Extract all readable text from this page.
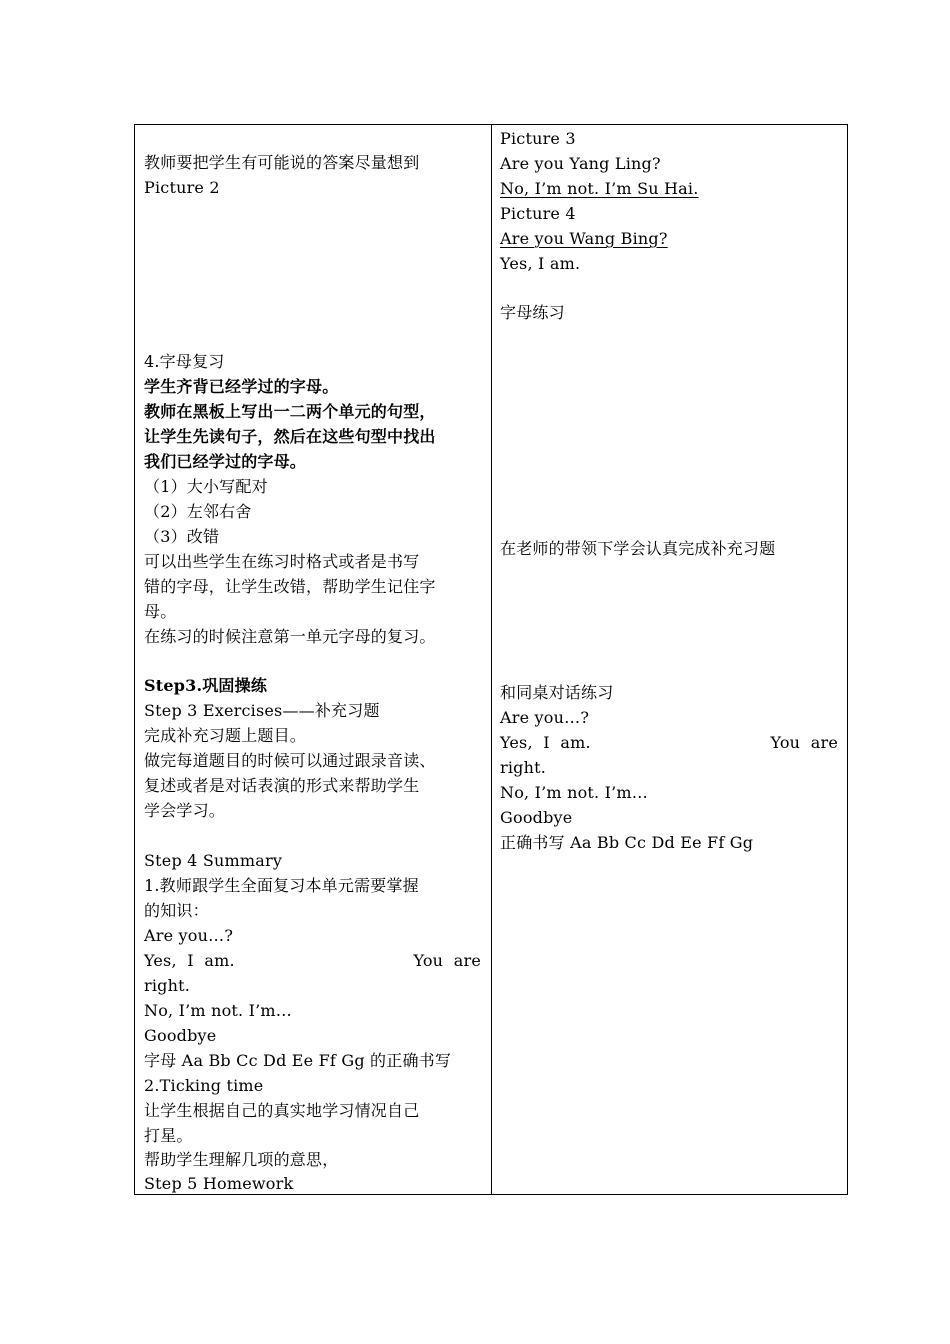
教师要把学生有可能说的答案尽量想到
Picture 2
4.字母复习
学生齐背已经学过的字母。
教师在黑板上写出一二两个单元的句型，
让学生先读句子，然后在这些句型中找出
我们已经学过的字母。
（1）大小写配对
（2）左邻右舍
（3）改错
可以出些学生在练习时格式或者是书写
错的字母，让学生改错，帮助学生记住字
母。
在练习的时候注意第一单元字母的复习。
Step3.巩固操练
Step 3 Exercises——补充习题
完成补充习题上题目。
做完每道题目的时候可以通过跟录音读、
复述或者是对话表演的形式来帮助学生
学会学习。
Step 4 Summary
1.教师跟学生全面复习本单元需要掌握
的知识：
Are you…?
Yes,  I  am.	You  are
right.
No, I’m not. I’m…
Goodbye
字母 Aa Bb Cc Dd Ee Ff Gg 的正确书写
2.Ticking time
让学生根据自己的真实地学习情况自己
打星。
帮助学生理解几项的意思，
Step 5 Homework
Picture 3
Are you Yang Ling?
No, I’m not. I’m Su Hai.
Picture 4
Are you Wang Bing?
Yes, I am.
字母练习
在老师的带领下学会认真完成补充习题
和同桌对话练习
Are you…?
Yes,  I  am.	You  are
right.
No, I’m not. I’m…
Goodbye
正确书写 Aa Bb Cc Dd Ee Ff Gg
